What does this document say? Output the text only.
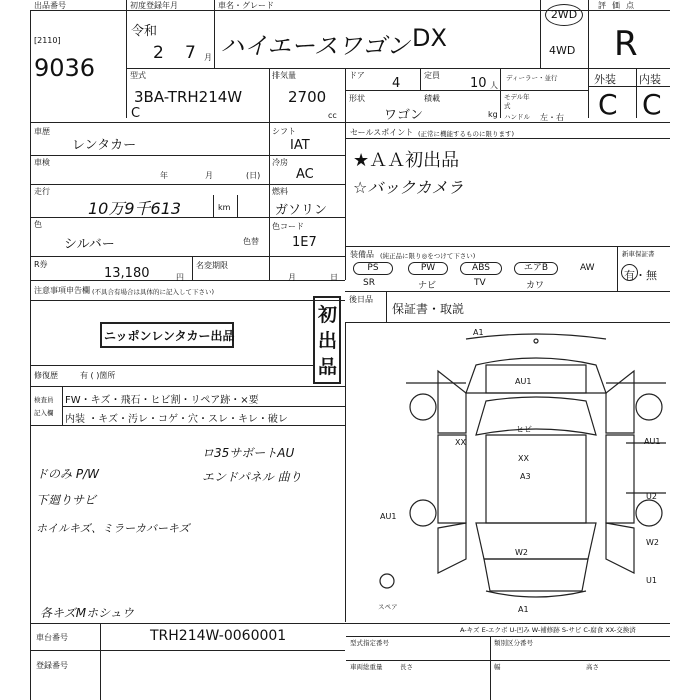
出品番号
[2110]
9036
初度登録年月
令和
2 7 月
車名・グレード
ハイエースワゴン DX
2WD
4WD
評価点
R
外装 内装
C C
型式
3BA-TRH214W
C
排気量
2700
cc
ドア
4
定員
10 人
ディーラー・並行
形状
ワゴン
積載
kg
モデル年式
ハンドル 左・右
車歴
レンタカー
シフト
IAT
車検
年	月	(日)
冷房
AC
走行
10万9千613	km
燃料
ガソリン
色
シルバー	色替
色コード
1E7
R券
13,180	円
名変期限
月	日
注意事項申告欄 (不具合有場合は具体的に記入して下さい)
ニッポンレンタカー出品
初
出
品
修復歴	有 ( )箇所
検査員
記入欄
FW・キズ・飛石・ヒビ割・リペア跡・×要
内装 ・キズ・汚レ・コゲ・穴・スレ・キレ・破レ
セールスポイント (正常に機能するものに限ります)
★ＡＡ初出品
☆バックカメラ
装備品 (純正品に限り◎をつけて下さい)
PS	PW	ABS	エアB	AW
SR	ナビ	TV	カワ
新車保証書
有・無
後日品
保証書・取説
ロ35サボートAU
エンドパネル 曲り
ドのみ P/W
下廻りサビ
ホイルキズ、ミラーカバーキズ
各キズMホシュウ
A1
AU1
ヒビ
XX
XX
A3
AU1
U2
W2
U1
AU1
W2
A1
スペア
A-キズ E-エクボ U-凹み W-補修跡 S-サビ C-腐食 XX-交換済
車台番号	TRH214W-0060001
登録番号
型式指定番号	類別区分番号
車両総重量	長さ	幅	高さ
